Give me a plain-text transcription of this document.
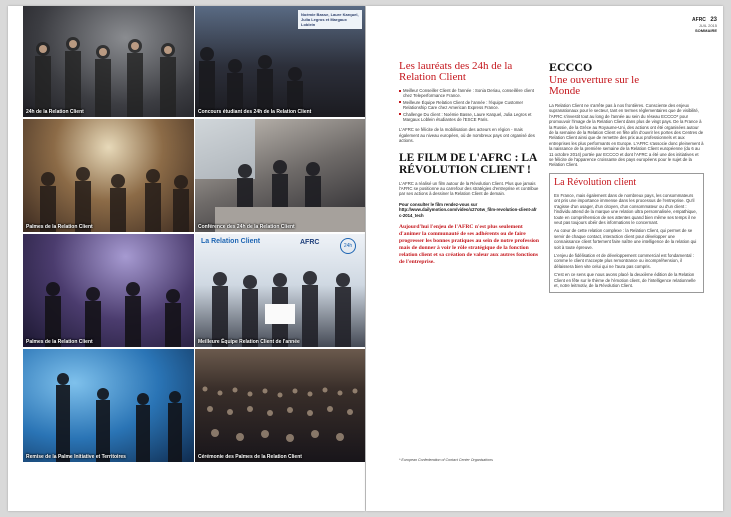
24h de la Relation Client
Noémie Basse, Laure Karquel, Julia Legros et Margaux Loblein
Concours étudiant des 24h de la Relation Client
Palmes de la Relation Client	Conférence des 24h de la Relation Client
Palmes de la Relation Client
La Relation Client	AFRC	24h
Meilleure Équipe Relation Client de l'année
Remise de la Palme Initiative et Territoires	Cérémonie des Palmes de la Relation Client
AFRC 23
JUIL 2015
SOMMAIRE
Les lauréats des 24h de la Relation Client
Meilleur Conseiller Client de l'année : Sonia Deriau, conseillère client chez Teleperformance France.
Meilleure Équipe Relation Client de l'année : l'équipe Customer Relationship Care chez American Express France.
Challenge Du client : Noémie Basse, Laure Karquel, Julia Legros et Margaux Loblein étudiantes de l'ESCE Paris.

L'AFRC se félicite de la mobilisation des acteurs en région - mais également au niveau européen, où de nombreux pays ont organisé des actions.

LE FILM DE L'AFRC : LA RÉVOLUTION CLIENT !

L'AFRC a réalisé un film autour de la Révolution Client. Plus que jamais l'AFRC se positionne au carrefour des stratégies d'entreprise et contribue par ses actions à dessiner la Relation Client de demain.

Pour consulter le film rendez-vous sur

http://www.dailymotion.com/video/x27c6w_film-revolution-client-afrc-2014_tech

Aujourd'hui l'enjeu de l'AFRC n'est plus seulement d'animer la communauté de ses adhérents ou de faire progresser les bonnes pratiques au sein de notre profession mais de donner à voir le rôle stratégique de la fonction relation client et sa création de valeur aux autres fonctions de l'entreprise.

ECCCO
Une ouverture sur le Monde

La Relation Client ne s'arrête pas à nos frontières. Consciente des enjeux supranationaux pour le secteur, tant en termes réglementaires que de visibilité, l'AFRC s'investit tout au long de l'année au sein du réseau ECCCO* pour promouvoir l'image de la Relation Client dans plus de vingt pays. De la France à la Russie, de la Grèce au Royaume-Uni, des actions ont été organisées autour de la semaine de la Relation Client en fête afin d'ouvrir les portes des Centres de Relation Client ainsi que de remettre des prix aux professionnels et aux entreprises les plus performants en Europe. L'AFRC s'associe donc pleinement à la naissance de la première semaine de la Relation Client européenne (du 6 au 11 octobre 2014) portée par ECCCO et dont l'AFRC a été une des initiatives et se félicite de l'apparence croissante des pays européens pour le sujet de la Relation Client.

La Révolution client

En France, mais également dans de nombreux pays, les consommateurs ont pris une importance immense dans les processus de l'entreprise. Qu'il s'agisse d'un usager, d'un citoyen, d'un consommateur ou d'un client : l'individu attend de la marque une relation ultra personnalisée, empathique, toute en compréhension de ses attentes quand bien même ses temps il ne veut pas toujours obéir des informations le concernant.

Au cœur de cette relation complexe : la Relation Client, qui permet de se servir de chaque contact, interaction client pour développer une connaissance client fortement faire naître une intelligence de la relation qui soit à toute épreuve.

L'enjeu de fidélisation et de développement commercial est fondamental : comme le client n'accepte plus remontrance ou incompréhension, il délaissera bien vite celui qui ne l'aura pas compris.

C'est en ce sens que nous avons placé la deuxième édition de la Relation Client en fête sur le thème de l'émotion client, de l'intelligence relationnelle et, notre leitmotiv, de la Révolution Client.

* European Confederation of Contact Center Organisations
